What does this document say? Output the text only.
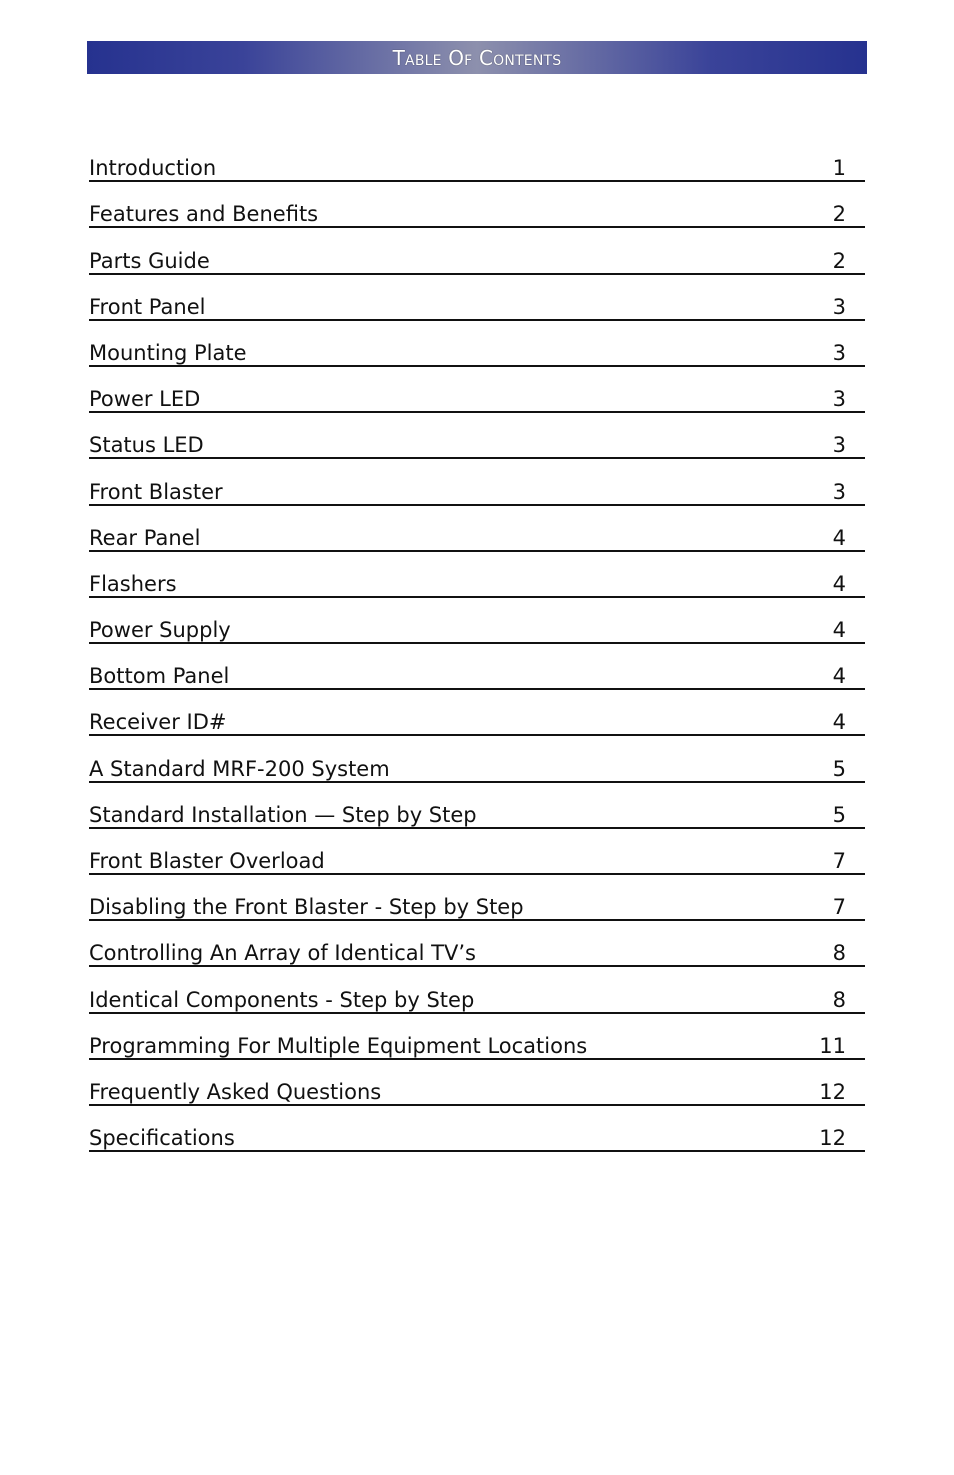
Table Of Contents
Introduction	1
Features and Benefits	2
Parts Guide	2
Front Panel	3
Mounting Plate	3
Power LED	3
Status LED	3
Front Blaster	3
Rear Panel	4
Flashers	4
Power Supply	4
Bottom Panel	4
Receiver ID#	4
A Standard MRF-200 System	5
Standard Installation — Step by Step	5
Front Blaster Overload	7
Disabling the Front Blaster - Step by Step	7
Controlling An Array of Identical TV’s	8
Identical Components - Step by Step	8
Programming For Multiple Equipment Locations	11
Frequently Asked Questions	12
Specifications	12
